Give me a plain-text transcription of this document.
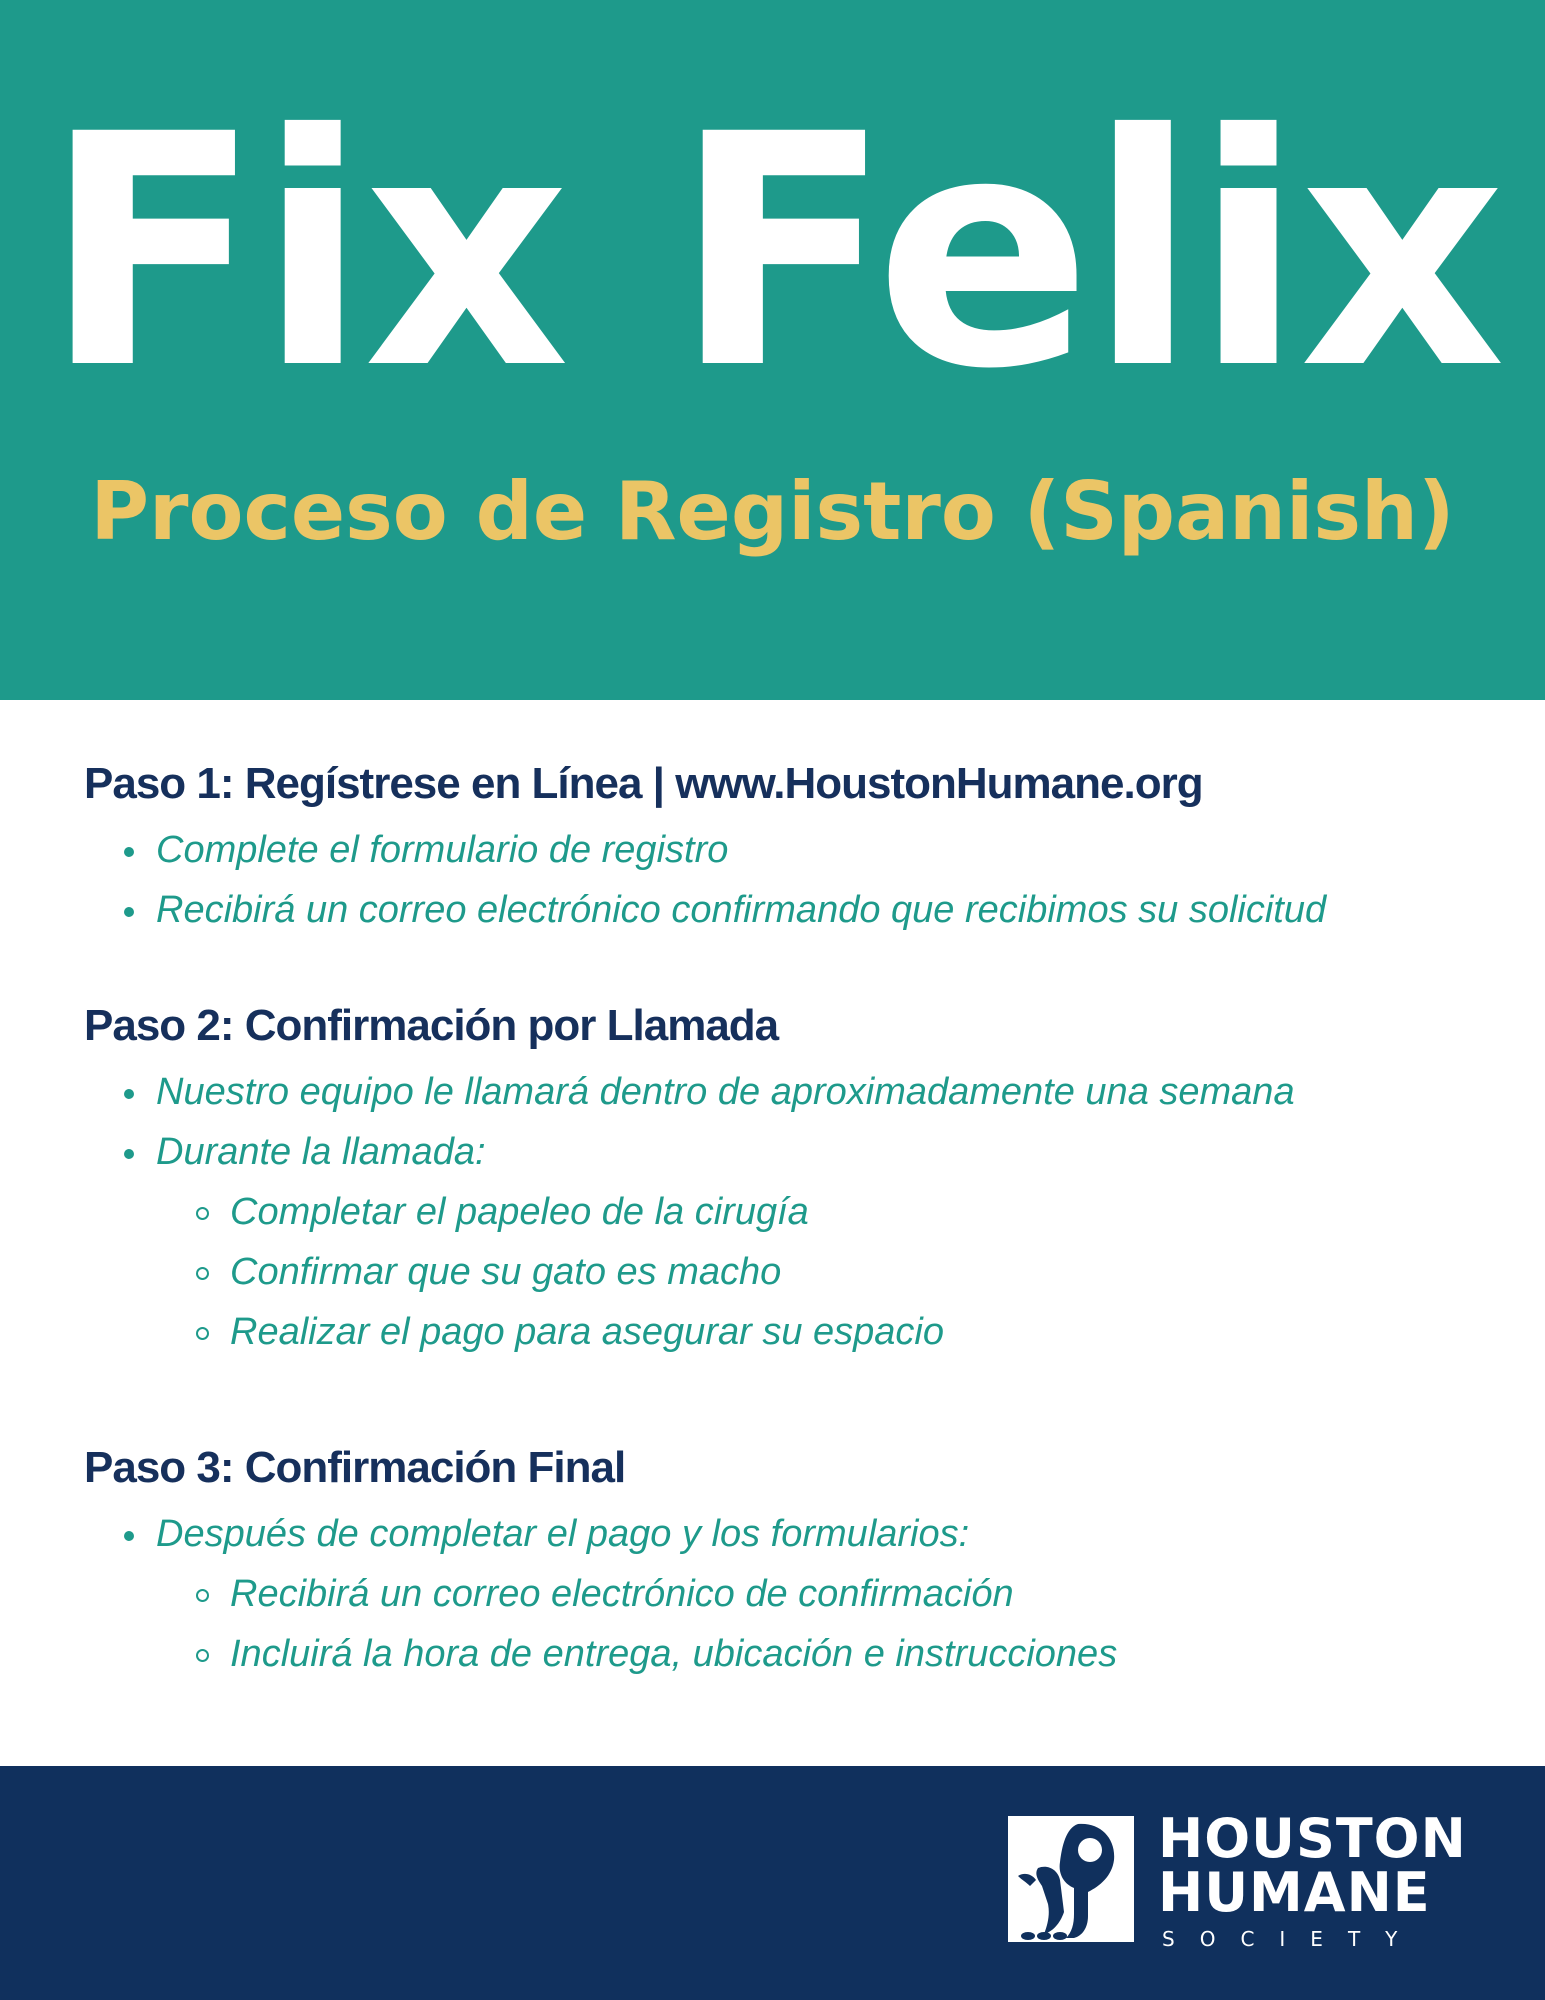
Fix Felix
Proceso de Registro (Spanish)
Paso 1: Regístrese en Línea | www.HoustonHumane.org
Complete el formulario de registro
Recibirá un correo electrónico confirmando que recibimos su solicitud
Paso 2: Confirmación por Llamada
Nuestro equipo le llamará dentro de aproximadamente una semana
Durante la llamada:
Completar el papeleo de la cirugía
Confirmar que su gato es macho
Realizar el pago para asegurar su espacio
Paso 3: Confirmación Final
Después de completar el pago y los formularios:
Recibirá un correo electrónico de confirmación
Incluirá la hora de entrega, ubicación e instrucciones
HOUSTON
HUMANE
SOCIETY
